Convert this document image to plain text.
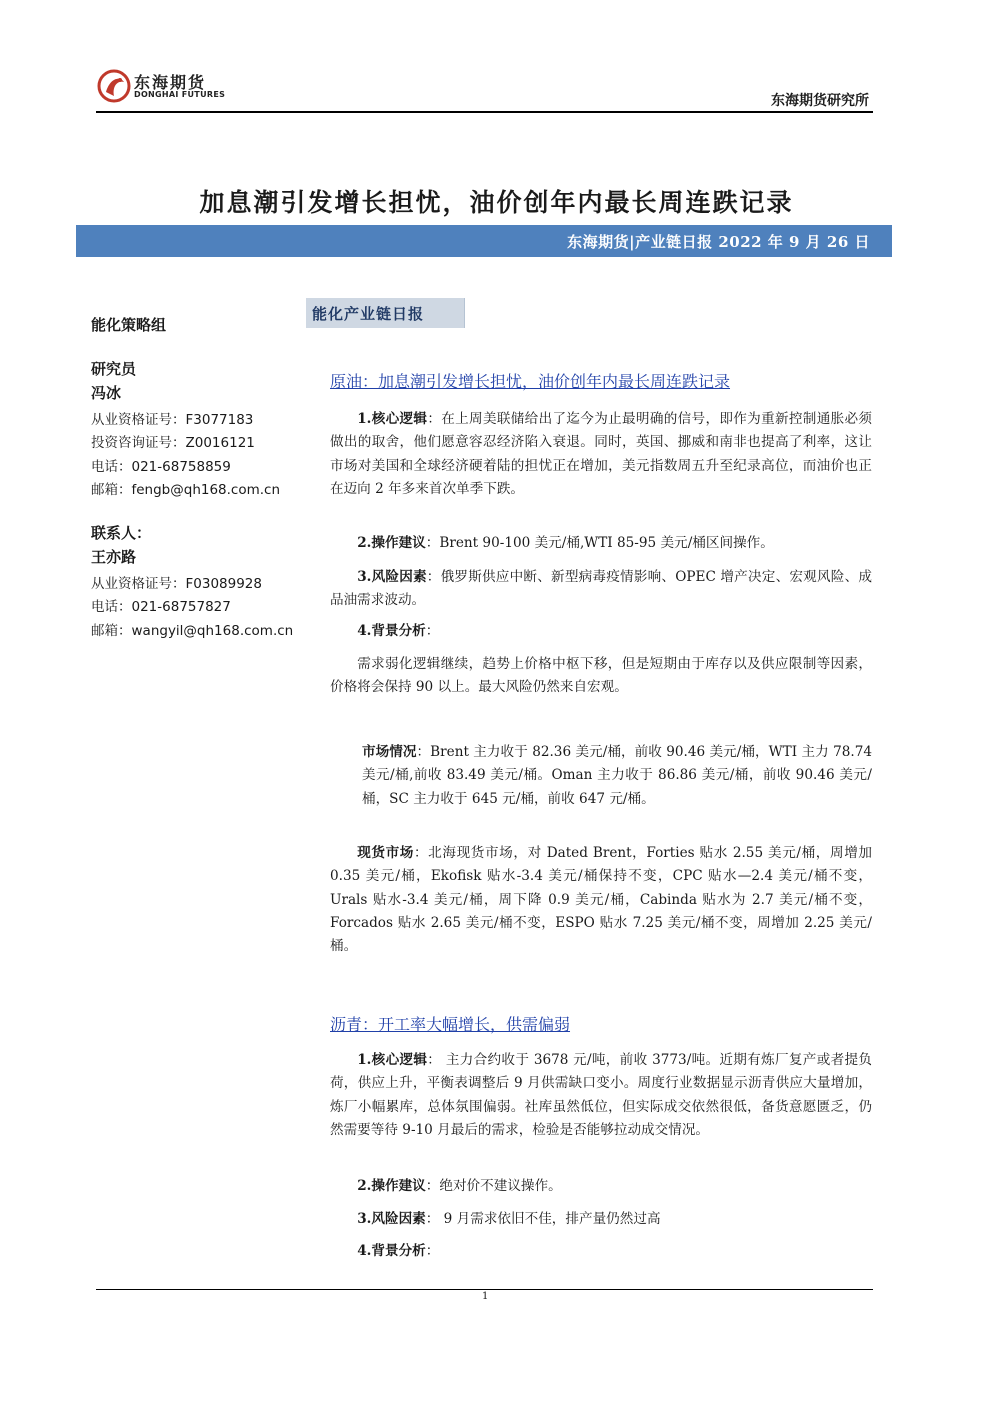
东海期货
DONGHAI FUTURES	东海期货研究所
加息潮引发增长担忧，油价创年内最长周连跌记录
东海期货|产业链日报 2022 年 9 月 26 日
能化策略组
研究员
冯冰
从业资格证号：F3077183
投资咨询证号：Z0016121
电话：021-68758859
邮箱：fengb@qh168.com.cn
联系人：
王亦路
从业资格证号：F03089928
电话：021-68757827
邮箱：wangyil@qh168.com.cn
能化产业链日报
原油：加息潮引发增长担忧，油价创年内最长周连跌记录

1.核心逻辑：在上周美联储给出了迄今为止最明确的信号，即作为重新控制通胀必须做出的取舍，他们愿意容忍经济陷入衰退。同时，英国、挪威和南非也提高了利率，这让市场对美国和全球经济硬着陆的担忧正在增加，美元指数周五升至纪录高位，而油价也正在迈向 2 年多来首次单季下跌。

2.操作建议：Brent 90-100 美元/桶,WTI 85-95 美元/桶区间操作。

3.风险因素：俄罗斯供应中断、新型病毒疫情影响、OPEC 增产决定、宏观风险、成品油需求波动。

4.背景分析：

需求弱化逻辑继续，趋势上价格中枢下移，但是短期由于库存以及供应限制等因素，价格将会保持 90 以上。最大风险仍然来自宏观。

市场情况：Brent 主力收于 82.36 美元/桶，前收 90.46 美元/桶，WTI 主力 78.74 美元/桶,前收 83.49 美元/桶。Oman 主力收于 86.86 美元/桶，前收 90.46 美元/桶，SC 主力收于 645 元/桶，前收 647 元/桶。

现货市场：北海现货市场，对 Dated Brent，Forties 贴水 2.55 美元/桶，周增加 0.35 美元/桶，Ekofisk 贴水-3.4 美元/桶保持不变，CPC 贴水—2.4 美元/桶不变，Urals 贴水-3.4 美元/桶，周下降 0.9 美元/桶，Cabinda 贴水为 2.7 美元/桶不变， Forcados 贴水 2.65 美元/桶不变，ESPO 贴水 7.25 美元/桶不变，周增加 2.25 美元/桶。

沥青：开工率大幅增长，供需偏弱

1.核心逻辑： 主力合约收于 3678 元/吨，前收 3773/吨。近期有炼厂复产或者提负荷，供应上升，平衡表调整后 9 月供需缺口变小。周度行业数据显示沥青供应大量增加，炼厂小幅累库，总体氛围偏弱。社库虽然低位，但实际成交依然很低，备货意愿匮乏，仍然需要等待 9-10 月最后的需求，检验是否能够拉动成交情况。

2.操作建议：绝对价不建议操作。

3.风险因素： 9 月需求依旧不佳，排产量仍然过高

4.背景分析：

1
